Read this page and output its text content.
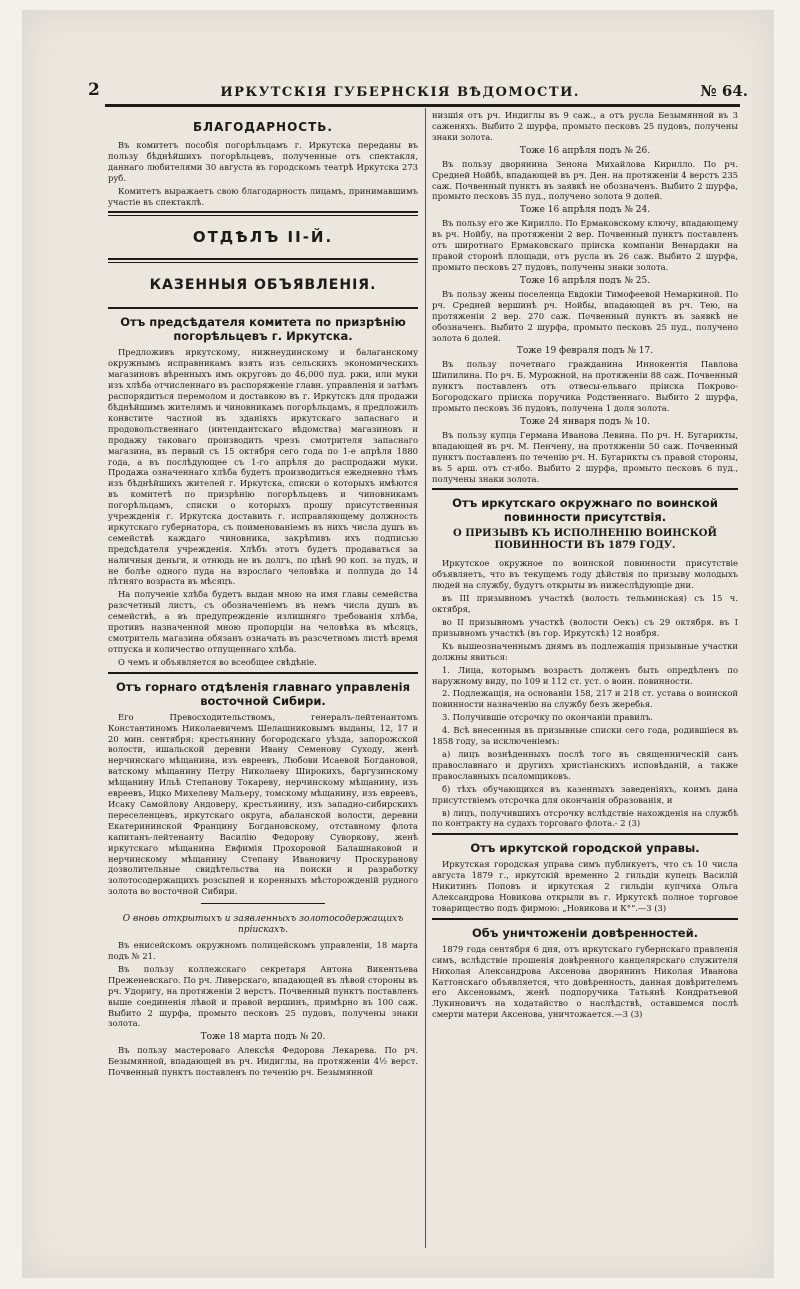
2	ИРКУТСКІЯ ГУБЕРНСКІЯ ВѢДОМОСТИ.	№ 64.
БЛАГОДАРНОСТЬ.

Въ комитетъ пособія погорѣльцамъ г. Иркутска переданы въ пользу бѣднѣйшихъ погорѣльцевъ, полученные отъ спектакля, даннаго любителями 30 августа въ городскомъ театрѣ Иркутска 273 руб.

Комитетъ выражаетъ свою благодарность лицамъ, принимавшимъ участіе въ спектаклѣ.

ОТДѢЛЪ II-Й.
КАЗЕННЫЯ ОБЪЯВЛЕНІЯ.
Отъ предсѣдателя комитета по призрѣнію погорѣльцевъ г. Иркутска.

Предложивъ иркутскому, нижнеудинскому и балаганскому окружнымъ исправникамъ взять изъ сельскихъ экономическихъ магазиновъ вѣренныхъ имъ округовъ до 46,000 пуд. ржи, или муки изъ хлѣба отчисленнаго въ распоряженіе главн. управленія и затѣмъ распорядиться перемолом и доставкою въ г. Иркутскъ для продажи бѣднѣйшимъ жителямъ и чиновникамъ погорѣльцамъ, я предложилъ конвстите частной въ зданіяхъ иркутскаго запаснаго и продовольственнаго (интендантскаго вѣдомства) магазиновъ и продажу таковаго производить чрезъ смотрителя запаснаго магазина, въ первый съ 15 октября сего года по 1-е апрѣля 1880 года, а въ послѣдующее съ 1-го апрѣля до распродажи муки. Продажа означеннаго хлѣба будетъ производиться ежедневно тѣмъ изъ бѣднѣйшихъ жителей г. Иркутска, списки о которыхъ имѣются въ комитетѣ по призрѣнію погорѣльцевъ и чиновникамъ погорѣльцамъ, списки о которыхъ прошу присутственныя учрежденія г. Иркутска доставить г. исправляющему должность иркутскаго губернатора, съ поименованіемъ въ нихъ числа душъ въ семействѣ каждаго чиновника, закрѣпивъ ихъ подписью предсѣдателя учрежденія. Хлѣбъ этотъ будетъ продаваться за наличныя деньги, и отнюдь не въ долгъ, по цѣнѣ 90 коп. за пудъ, и не болѣе одного пуда на взрослаго человѣка и полпуда до 14 лѣтняго возраста въ мѣсяцъ.

На полученіе хлѣба будетъ выдан мною на имя главы семейства разсчетный листъ, съ обозначеніемъ въ немъ числа душъ въ семействѣ, а въ предупрежденіе излишняго требованія хлѣба, противъ назначенной мною пропорціи на человѣка въ мѣсяцъ, смотритель магазина обязанъ означать въ разсчетномъ листѣ время отпуска и количество отпущеннаго хлѣба.

О чемъ и объявляется во всеобщее свѣдѣніе.

Отъ горнаго отдѣленія главнаго управленія восточной Сибири.

Его Превосходительствомъ, генералъ-лейтенантомъ Константиномъ Николаевичемъ Шелашниковымъ выданы, 12, 17 и 20 мин. сентября: крестьянину богородскаго уѣзда, запорожской волости, ишальской деревни Ивану Семенову Суходу, женѣ нерчинскаго мѣщанина, изъ евреевъ, Любови Исаевой Богдановой, ватскому мѣщанину Петру Николаеву Широкихъ, баргузинскому мѣщанину Ильѣ Степанову Токареву, нерчинскому мѣщанину, изъ евреевъ, Ицко Михелеву Мальеру, томскому мѣщанину, изъ евреевъ, Исаку Самойлову Андоверу, крестьянину, изъ западно-сибирскихъ переселенцевъ, иркутскаго округа, абаланской волости, деревни Екатерининской Францину Богдановскому, отставному флота капитанъ-лейтенанту Василію Федорову Суворкову, женѣ иркутскаго мѣщанина Евфимія Прохоровой Балашнаковой и нерчинскому мѣщанину Степану Ивановичу Проскуранову дозволительные свидѣтельства на поиски и разработку золотосодержащихъ розсыпей и коренныхъ мѣсторожденій рудного золота во восточной Сибири.

О вновь открытыхъ и заявленныхъ золотосодержащихъ пріискахъ.

Въ енисейскомъ окружномъ полицейскомъ управленіи, 18 марта подъ № 21.

Въ пользу коллежскаго секретаря Антона Викентьева Преженевскаго. По рч. Ливерскаго, впадающей въ лѣвой стороны въ рч. Удоригу, на протяженіи 2 верстъ. Почвенный пунктъ поставленъ выше соединенія лѣвой и правой вершинъ, примѣрно въ 100 саж. Выбито 2 шурфа, промыто песковъ 25 пудовъ, получены знаки золота.

Тоже 18 марта подъ № 20.

Въ пользу мастероваго Алексѣя Федорова Лекарева. По рч. Безымянной, впадающей въ рч. Индиглы, на протяженіи 4½ верст. Почвенный пунктъ поставленъ по теченію рч. Безымянной

низшія отъ рч. Индиглы въ 9 саж., а отъ русла Безымянной въ 3 саженяхъ. Выбито 2 шурфа, промыто песковъ 25 пудовъ, получены знаки золота.

Тоже 16 апрѣля подъ № 26.

Въ пользу дворянина Зенона Михайлова Кирилло. По рч. Средней Нойбѣ, впадающей въ рч. Ден. на протяженіи 4 верстъ 235 саж. Почвенный пунктъ въ заявкѣ не обозначенъ. Выбито 2 шурфа, промыто песковъ 35 пуд., получено золота 9 долей.

Тоже 16 апрѣля подъ № 24.

Въ пользу его же Кирилло. По Ермаковскому ключу, впадающему въ рч. Нойбу, на протяженіи 2 вер. Почвенный пунктъ поставленъ отъ широтнаго Ермаковскаго пріиска компаніи Венардаки на правой сторонѣ площади, отъ русла въ 26 саж. Выбито 2 шурфа, промыто песковъ 27 пудовъ, получены знаки золота.

Тоже 16 апрѣля подъ № 25.

Въ пользу жены поселенца Евдокіи Тимофеевой Немаркиной. По рч. Средней вершинѣ рч. Нойбы, впадающей въ рч. Тею, на протяженіи 2 вер. 270 саж. Почвенный пунктъ въ заявкѣ не обозначенъ. Выбито 2 шурфа, промыто песковъ 25 пуд., получено золота 6 долей.

Тоже 19 февраля подъ № 17.

Въ пользу почетнаго гражданина Иннокентія Павлова Шипилина. По рч. Б. Мурожной, на протяженіи 88 саж. Почвенный пунктъ поставленъ отъ отвесы-ельваго пріиска Покрово-Богородскаго пріиска поручика Родственнаго. Выбито 2 шурфа, промыто песковъ 36 пудовъ, получена 1 доля золота.

Тоже 24 января подъ № 10.

Въ пользу купца Германа Иванова Левина. По рч. Н. Бугарикты, впадающей въ рч. М. Пенчену, на протяженіи 50 саж. Почвенный пунктъ поставленъ по теченію рч. Н. Бугарикты съ правой стороны, въ 5 арш. отъ ст-ябо. Выбито 2 шурфа, промыто песковъ 6 пуд., получены знаки золота.

Отъ иркутскаго окружнаго по воинской повинности присутствія.
О ПРИЗЫВѢ КЪ ИСПОЛНЕНІЮ ВОИНСКОЙ ПОВИННОСТИ ВЪ 1879 ГОДУ.

Иркутское окружное по воинской повинности присутствіе объявляетъ, что въ текущемъ году дѣйствія по призыву молодыхъ людей на службу, будутъ открыты въ нижеслѣдующіе дни.

въ III призывномъ участкѣ (волость тельминская) съ 15 ч. октября,

во II призывномъ участкѣ (волости Оекъ) съ 29 октября. въ I призывномъ участкѣ (въ гор. Иркутскѣ) 12 ноября.

Къ вышеозначеннымъ днямъ въ подлежащія призывные участки должны явиться:

1. Лица, которымъ возрастъ долженъ быть опредѣленъ по наружному виду, по 109 и 112 ст. уст. о воин. повинности.

2. Подлежащія, на основаніи 158, 217 и 218 ст. устава о воинской повинности назначенію на службу безъ жеребья.

3. Получившіе отсрочку по окончаніи правилъ.

4. Всѣ внесенныя въ призывные списки сего года, родившіеся въ 1858 году, за исключеніемъ:

а) лицъ вознѣденныхъ послѣ того въ священническій санъ православнаго и другихъ христіанскихъ исповѣданій, а также православныхъ псаломщиковъ.

б) тѣхъ обучающихся въ казенныхъ заведеніяхъ, коимъ дана присутствіемъ отсрочка для окончанія образованія, и

в) лицъ, получившихъ отсрочку вслѣдствіе нахожденія на службѣ по контракту на судахъ торговаго флота.- 2 (3)

Отъ иркутской городской управы.

Иркутская городская управа симъ публикуетъ, что съ 10 числа августа 1879 г., иркутскій временно 2 гильдіи купецъ Василій Никитинъ Поповъ и иркутская 2 гильдіи купчиха Ольга Александрова Новикова открыли въ г. Иркутскѣ полное торговое товарищество подъ фирмою: „Новикова и К°“.—3 (3)

Объ уничтоженіи довѣренностей.

1879 года сентября 6 дня, отъ иркутскаго губернскаго правленія симъ, вслѣдствіе прошенія довѣренного канцелярскаго служителя Николая Александрова Аксенова дворянинъ Николая Иванова Каттонскаго объявляется, что довѣренность, данная довѣрителемъ его Аксеновымъ, женѣ подпоручика Татьянѣ Кондратьевой Лукиновичъ на ходатайство о наслѣдствѣ, оставшемся послѣ смерти матери Аксенова, уничтожается.—3 (3)
